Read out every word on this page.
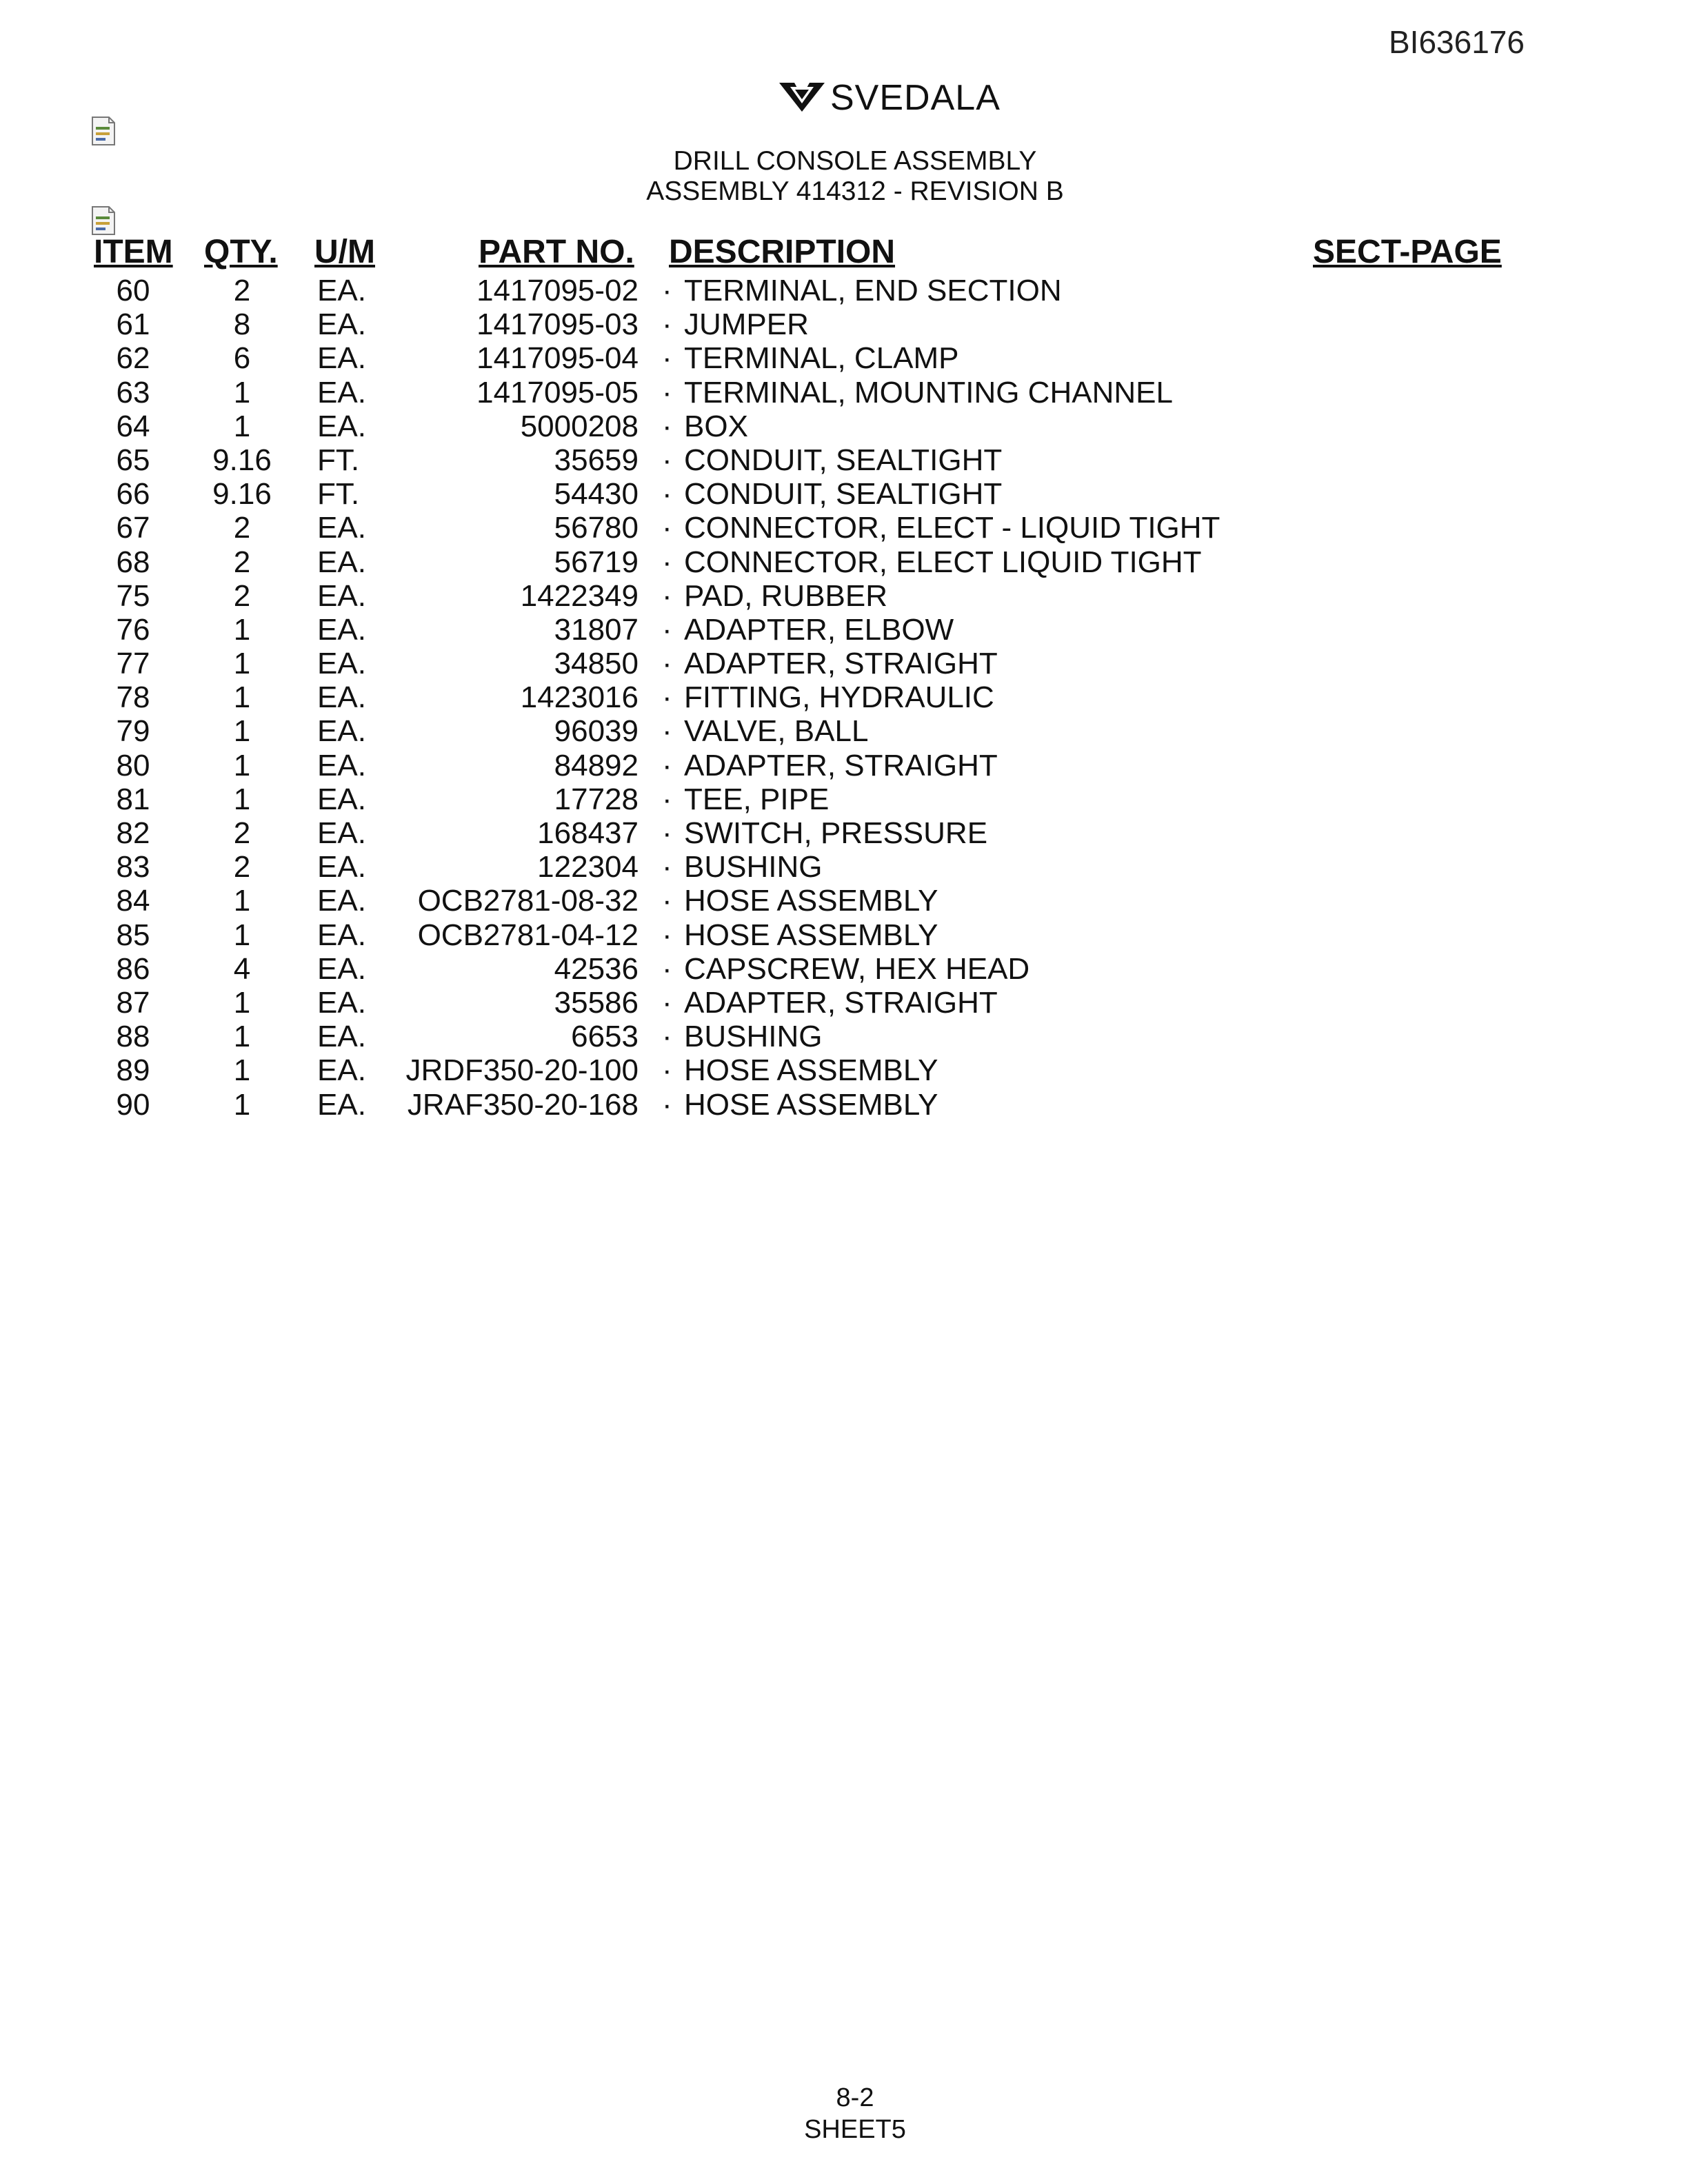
BI636176
SVEDALA
DRILL CONSOLE ASSEMBLY
ASSEMBLY 414312 - REVISION B
ITEM QTY. U/M	PART NO. DESCRIPTION	SECT-PAGE
60	2	EA.	1417095-02 · TERMINAL, END SECTION
61	8	EA.	1417095-03 · JUMPER
62	6	EA.	1417095-04 · TERMINAL, CLAMP
63	1	EA.	1417095-05 · TERMINAL, MOUNTING CHANNEL
64	1	EA.	5000208 · BOX
65	9.16 FT.	35659 · CONDUIT, SEALTIGHT
66	9.16 FT.	54430 · CONDUIT, SEALTIGHT
67	2	EA.	56780 · CONNECTOR, ELECT - LIQUID TIGHT
68	2	EA.	56719 · CONNECTOR, ELECT LIQUID TIGHT
75	2	EA.	1422349 · PAD, RUBBER
76	1	EA.	31807 · ADAPTER, ELBOW
77	1	EA.	34850 · ADAPTER, STRAIGHT
78	1	EA.	1423016 · FITTING, HYDRAULIC
79	1	EA.	96039 · VALVE, BALL
80	1	EA.	84892 · ADAPTER, STRAIGHT
81	1	EA.	17728 · TEE, PIPE
82	2	EA.	168437 · SWITCH, PRESSURE
83	2	EA.	122304 · BUSHING
84	1	EA.	OCB2781-08-32 · HOSE ASSEMBLY
85	1	EA.	OCB2781-04-12 · HOSE ASSEMBLY
86	4	EA.	42536 · CAPSCREW, HEX HEAD
87	1	EA.	35586 · ADAPTER, STRAIGHT
88	1	EA.	6653 · BUSHING
89	1	EA.	JRDF350-20-100 · HOSE ASSEMBLY
90	1	EA.	JRAF350-20-168 · HOSE ASSEMBLY
8-2
SHEET5
